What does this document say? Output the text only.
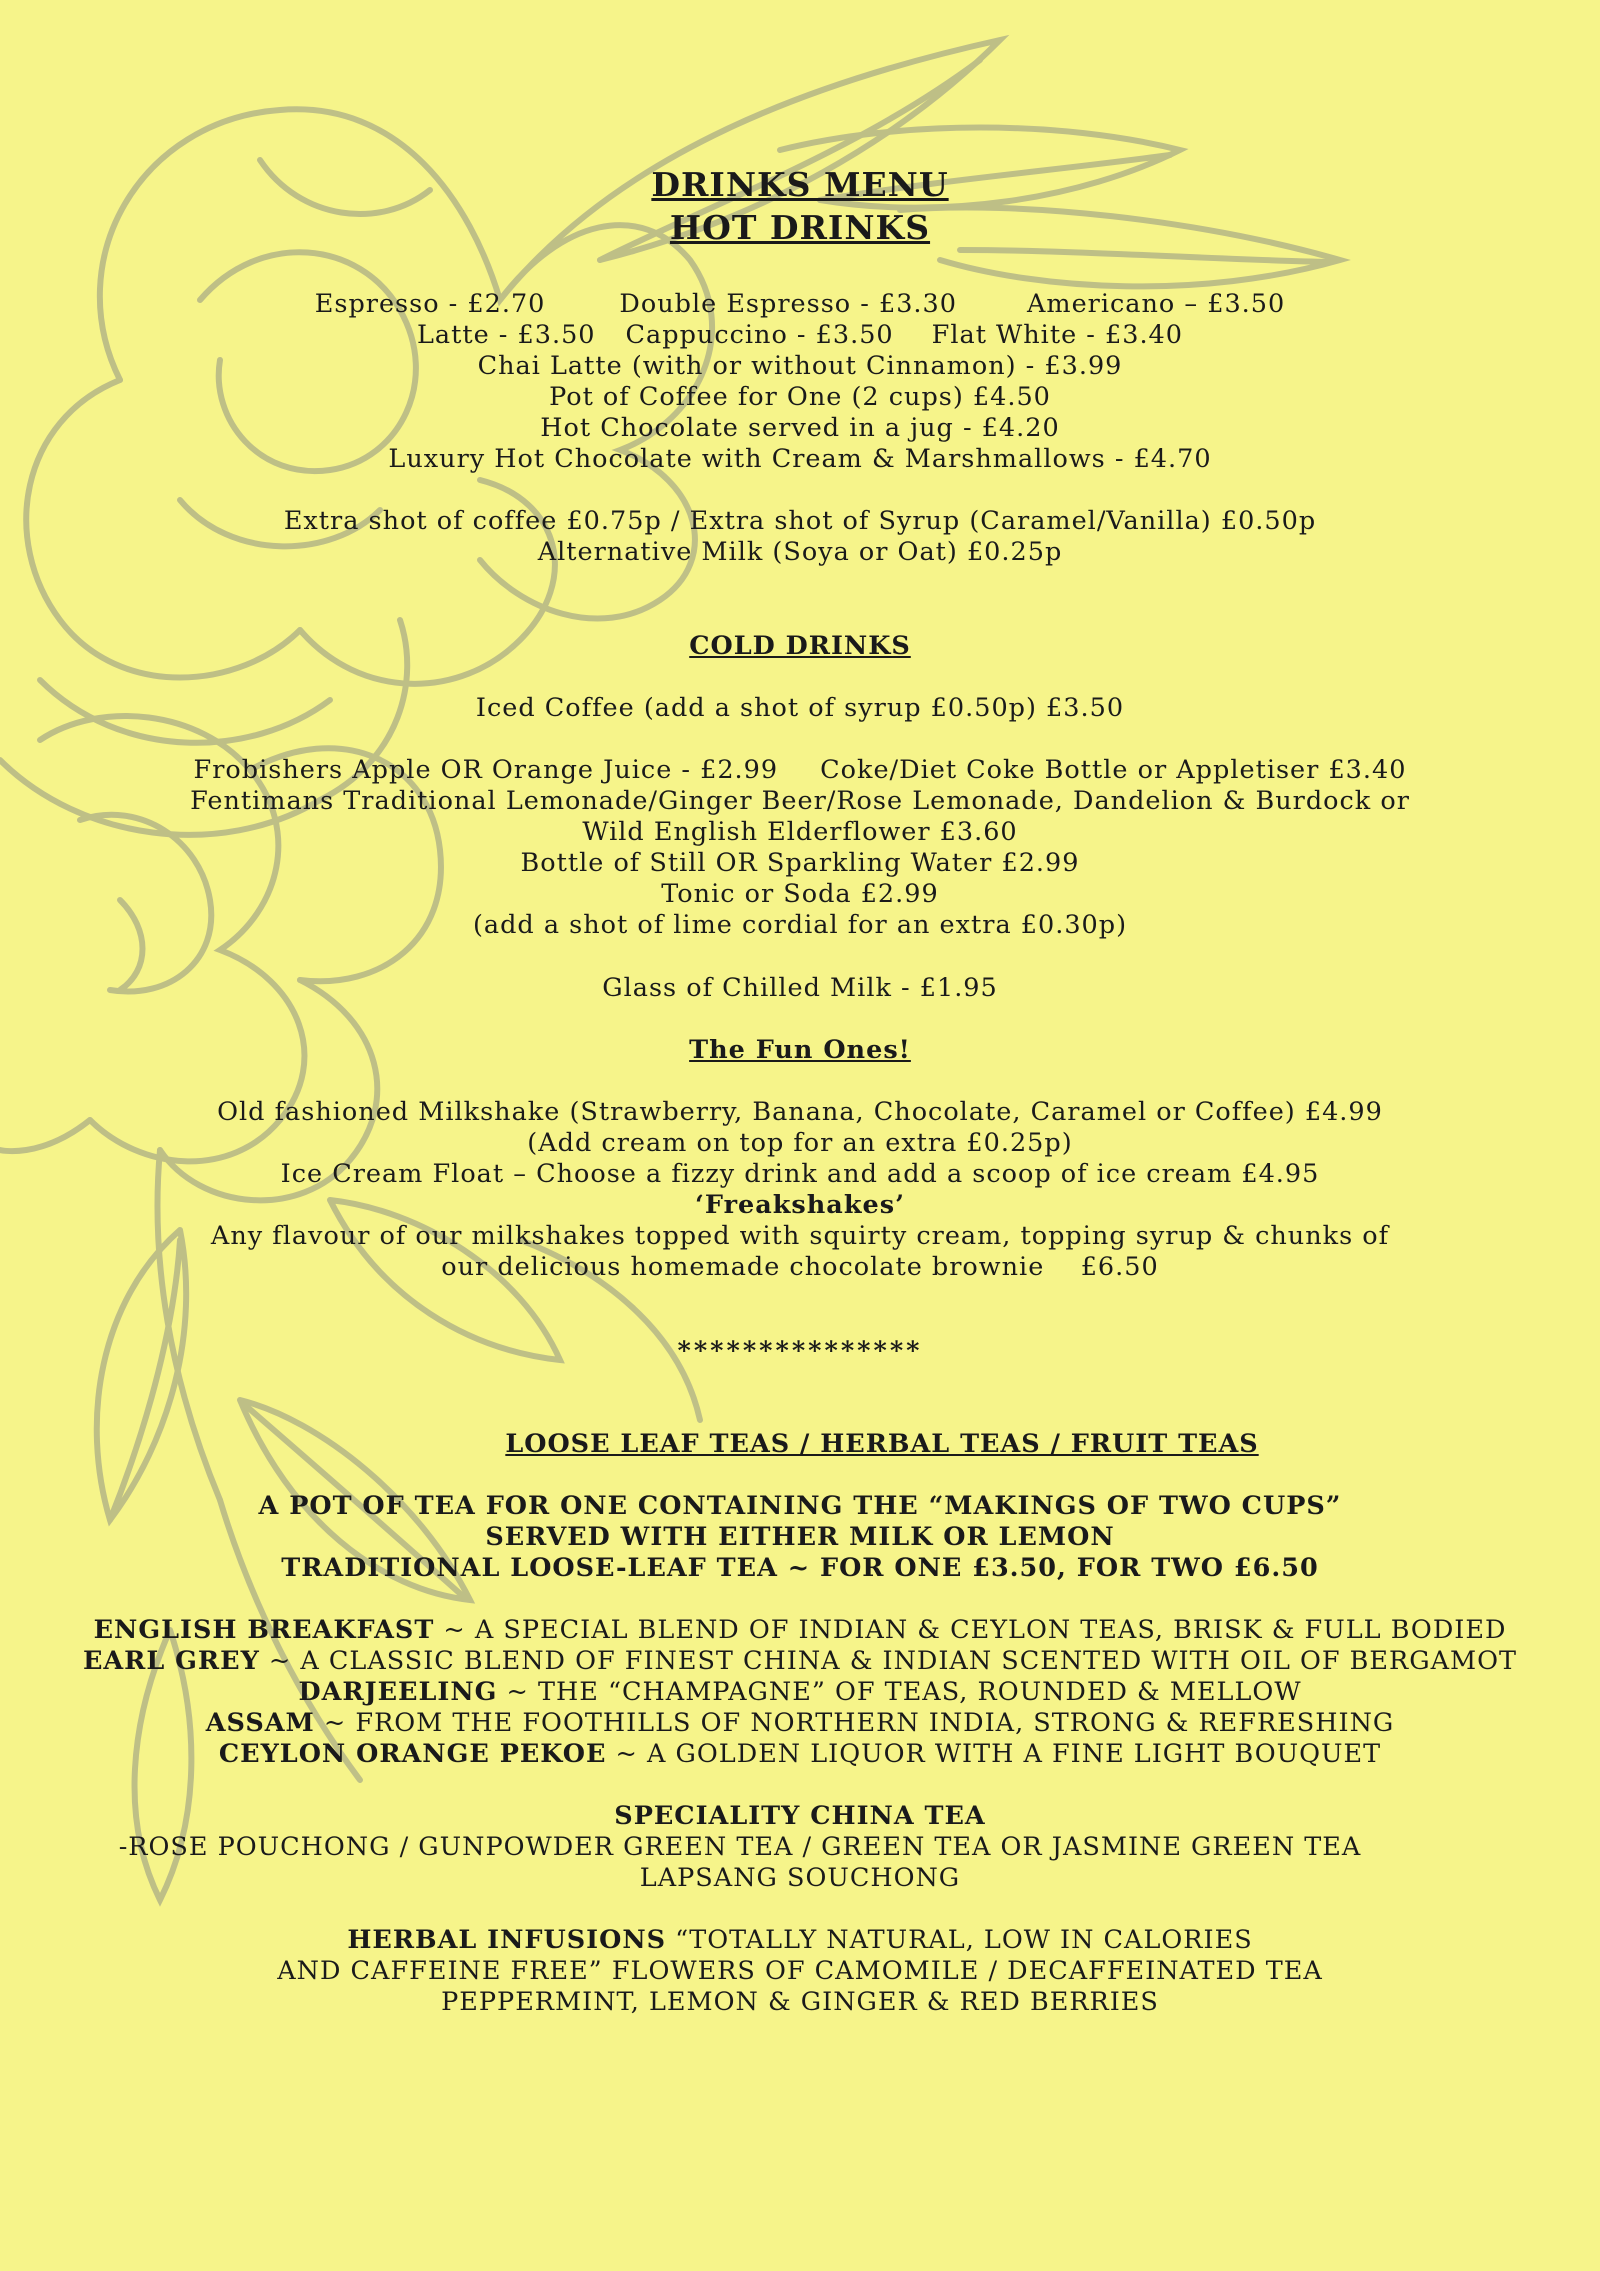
DRINKS MENU
HOT DRINKS
Espresso - £2.70	Double Espresso - £3.30	Americano – £3.50
Latte - £3.50 Cappuccino - £3.50 Flat White - £3.40
Chai Latte (with or without Cinnamon) - £3.99
Pot of Coffee for One (2 cups) £4.50
Hot Chocolate served in a jug - £4.20
Luxury Hot Chocolate with Cream & Marshmallows - £4.70
Extra shot of coffee £0.75p / Extra shot of Syrup (Caramel/Vanilla) £0.50p
Alternative Milk (Soya or Oat) £0.25p
COLD DRINKS
Iced Coffee (add a shot of syrup £0.50p) £3.50
Frobishers Apple OR Orange Juice - £2.99 Coke/Diet Coke Bottle or Appletiser £3.40
Fentimans Traditional Lemonade/Ginger Beer/Rose Lemonade, Dandelion & Burdock or
Wild English Elderflower £3.60
Bottle of Still OR Sparkling Water £2.99
Tonic or Soda £2.99
(add a shot of lime cordial for an extra £0.30p)
Glass of Chilled Milk - £1.95
The Fun Ones!
Old fashioned Milkshake (Strawberry, Banana, Chocolate, Caramel or Coffee) £4.99
(Add cream on top for an extra £0.25p)
Ice Cream Float – Choose a fizzy drink and add a scoop of ice cream £4.95
‘Freakshakes’
Any flavour of our milkshakes topped with squirty cream, topping syrup & chunks of
our delicious homemade chocolate brownie    £6.50
***************
LOOSE LEAF TEAS / HERBAL TEAS / FRUIT TEAS
A POT OF TEA FOR ONE CONTAINING THE “MAKINGS OF TWO CUPS”
SERVED WITH EITHER MILK OR LEMON
TRADITIONAL LOOSE-LEAF TEA ~ FOR ONE £3.50, FOR TWO £6.50
ENGLISH BREAKFAST ~ A SPECIAL BLEND OF INDIAN & CEYLON TEAS, BRISK & FULL BODIED
EARL GREY ~ A CLASSIC BLEND OF FINEST CHINA & INDIAN SCENTED WITH OIL OF BERGAMOT
DARJEELING ~ THE “CHAMPAGNE” OF TEAS, ROUNDED & MELLOW
ASSAM ~ FROM THE FOOTHILLS OF NORTHERN INDIA, STRONG & REFRESHING
CEYLON ORANGE PEKOE ~ A GOLDEN LIQUOR WITH A FINE LIGHT BOUQUET
SPECIALITY CHINA TEA
-ROSE POUCHONG / GUNPOWDER GREEN TEA / GREEN TEA OR JASMINE GREEN TEA
LAPSANG SOUCHONG
HERBAL INFUSIONS “TOTALLY NATURAL, LOW IN CALORIES
AND CAFFEINE FREE” FLOWERS OF CAMOMILE / DECAFFEINATED TEA
PEPPERMINT, LEMON & GINGER & RED BERRIES
